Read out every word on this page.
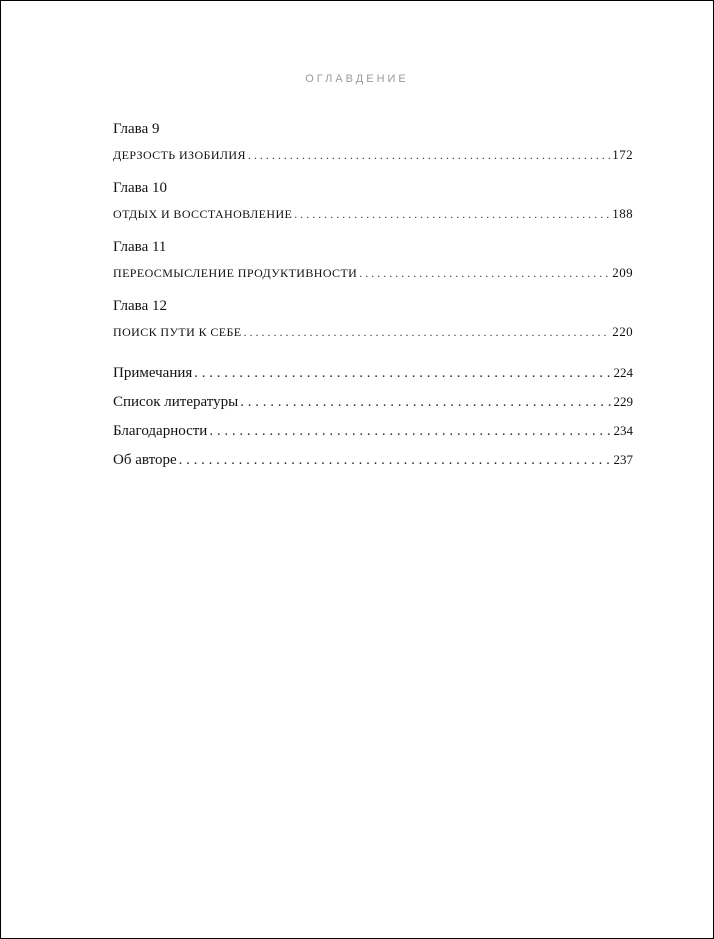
ОГЛАВДЕНИЕ
Глава 9
ДЕРЗОСТЬ ИЗОБИЛИЯ . . .	172
Глава 10
ОТДЫХ И ВОССТАНОВЛЕНИЕ . . .	188
Глава 11
ПЕРЕОСМЫСЛЕНИЕ ПРОДУКТИВНОСТИ . . .	209
Глава 12
ПОИСК ПУТИ К СЕБЕ . . .	220
Примечания . . .	224
Список литературы . . .	229
Благодарности . . .	234
Об авторе . . .	237
